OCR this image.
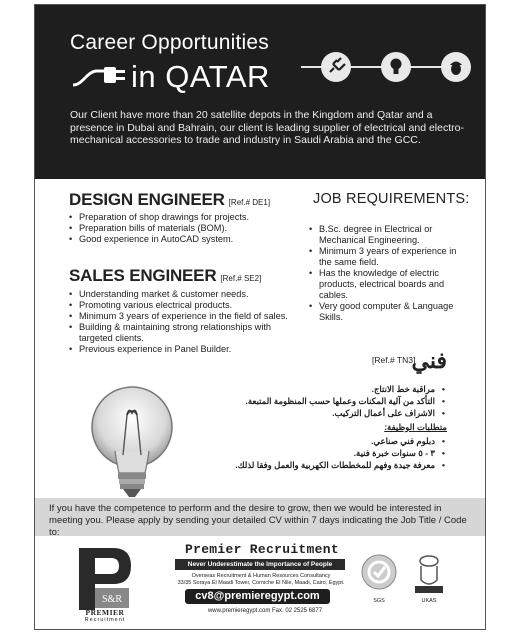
Career Opportunities
in QATAR
Our Client have more than 20 satellite depots in the Kingdom and Qatar and a presence in Dubai and Bahrain, our client is leading supplier of electrical and electro-mechanical accessories to trade and industry in Saudi Arabia and the GCC.
DESIGN ENGINEER [Ref.# DE1]
• Preparation of shop drawings for projects.
• Preparation bills of materials (BOM).
• Good experience in AutoCAD system.
SALES ENGINEER [Ref.# SE2]
• Understanding market & customer needs.
• Promoting various electrical products.
• Minimum 3 years of experience in the field of sales.
• Building & maintaining strong relationships with targeted clients.
• Previous experience in Panel Builder.
JOB REQUIREMENTS:
• B.Sc. degree in Electrical or Mechanical Engineering.
• Minimum 3 years of experience in the same field.
• Has the knowledge of electric products, electrical boards and cables.
• Very good computer & Language Skills.
[Ref.# TN3]
فني
• مراقبة خط الانتاج.
• التأكد من آلية المكنات وعملها حسب المنظومة المتبعة.
• الاشراف على أعمال التركيب.
متطلبات الوظيفة:
• دبلوم فني صناعي.
• ٣ - ٥ سنوات خبرة فنية.
• معرفة جيدة وفهم للمخططات الكهربية والعمل وفقا لذلك.
If you have the competence to perform and the desire to grow, then we would be interested in meeting you. Please apply by sending your detailed CV within 7 days indicating the Job Title / Code to:
S&R
PREMIER
Recruitment
Premier Recruitment
Never Underestimate the Importance of People
Overseas Recruitment & Human Resources Consultancy
33/35 Soraya El Maadi Tower, Corniche El Nile, Maadi, Cairo, Egypt.
cv8@premieregypt.com
www.premieregypt.com Fax. 02 2525 6877
SGS	UKAS
